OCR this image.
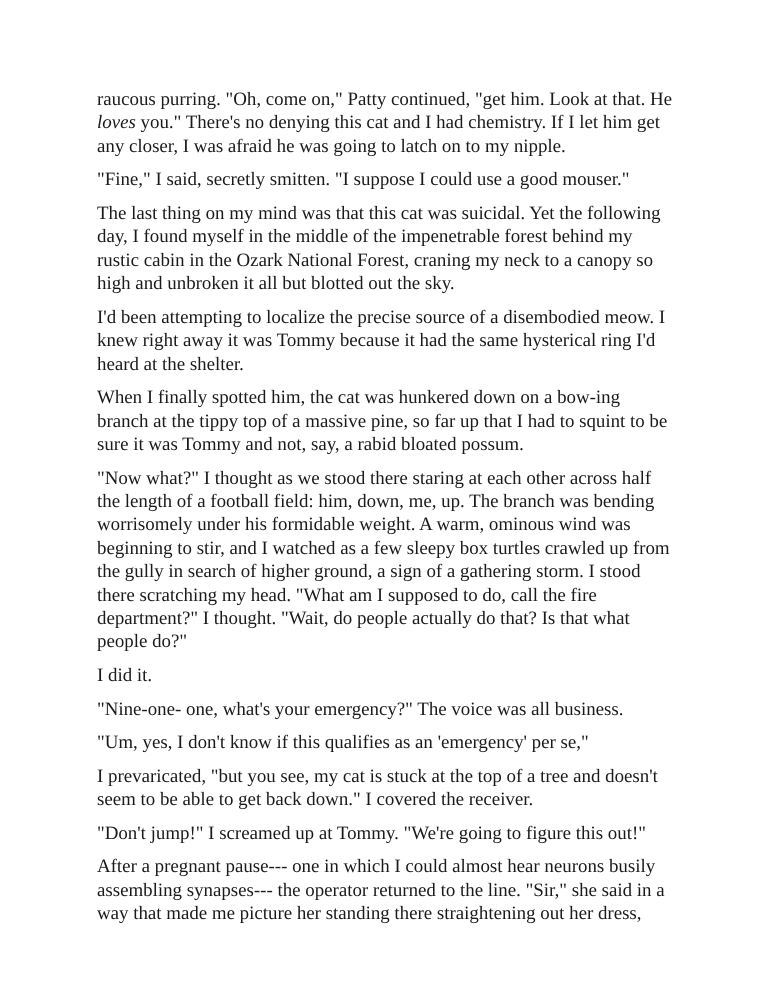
raucous purring. "Oh, come on," Patty continued, "get him. Look at that. He
loves you." There's no denying this cat and I had chemistry. If I let him get
any closer, I was afraid he was going to latch on to my nipple.

"Fine," I said, secretly smitten. "I suppose I could use a good mouser."

The last thing on my mind was that this cat was suicidal. Yet the following
day, I found myself in the middle of the impenetrable forest behind my
rustic cabin in the Ozark National Forest, craning my neck to a canopy so
high and unbroken it all but blotted out the sky.

I'd been attempting to localize the precise source of a disembodied meow. I
knew right away it was Tommy because it had the same hysterical ring I'd
heard at the shelter.

When I finally spotted him, the cat was hunkered down on a bow-ing
branch at the tippy top of a massive pine, so far up that I had to squint to be
sure it was Tommy and not, say, a rabid bloated possum.

"Now what?" I thought as we stood there staring at each other across half
the length of a football field: him, down, me, up. The branch was bending
worrisomely under his formidable weight. A warm, ominous wind was
beginning to stir, and I watched as a few sleepy box turtles crawled up from
the gully in search of higher ground, a sign of a gathering storm. I stood
there scratching my head. "What am I supposed to do, call the fire
department?" I thought. "Wait, do people actually do that? Is that what
people do?"

I did it.

"Nine-one- one, what's your emergency?" The voice was all business.

"Um, yes, I don't know if this qualifies as an 'emergency' per se,"

I prevaricated, "but you see, my cat is stuck at the top of a tree and doesn't
seem to be able to get back down." I covered the receiver.

"Don't jump!" I screamed up at Tommy. "We're going to figure this out!"

After a pregnant pause--- one in which I could almost hear neurons busily
assembling synapses--- the operator returned to the line. "Sir," she said in a
way that made me picture her standing there straightening out her dress,
